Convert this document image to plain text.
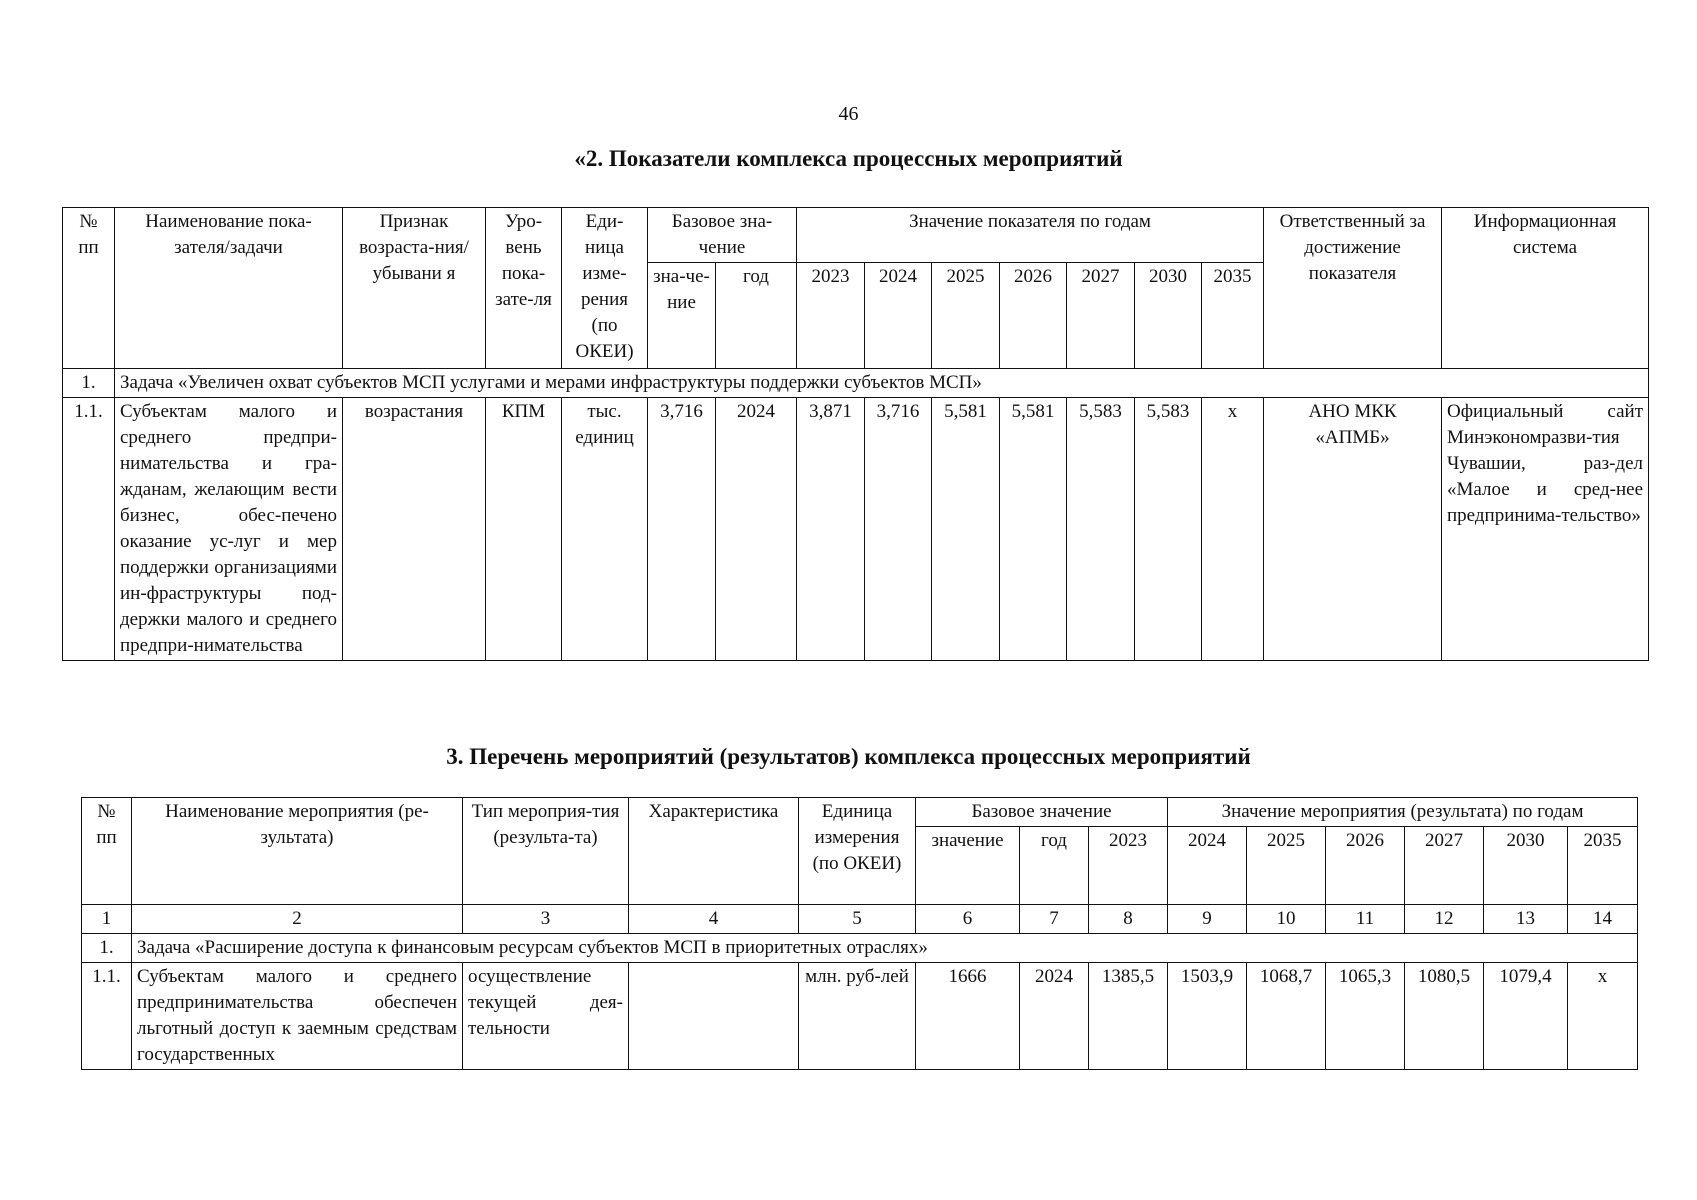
46
«2. Показатели комплекса процессных мероприятий
№ пп	Наименование пока-зателя/задачи	Признак возраста-ния/убывани я	Уро-вень пока-зате-ля	Еди-ница изме-рения (по ОКЕИ)	Базовое зна-чение		Значение показателя по годам							Ответственный за достижение показателя	Информационная система
					зна-че-ние	год	2023	2024	2025	2026	2027	2030	2035		
1.	Задача «Увеличен охват субъектов МСП услугами и мерами инфраструктуры поддержки субъектов МСП»														
1.1.	Субъектам малого и среднего предпри-нимательства и гра-жданам, желающим вести бизнес, обес-печено оказание ус-луг и мер поддержки организациями ин-фраструктуры под-держки малого и среднего предпри-нимательства	возрастания	КПМ	тыс. единиц	3,716	2024	3,871	3,716	5,581	5,581	5,583	5,583	х	АНО МКК «АПМБ»	Официальный сайт Минэкономразви-тия Чувашии, раз-дел «Малое и сред-нее предпринима-тельство»
3. Перечень мероприятий (результатов) комплекса процессных мероприятий
№ пп	Наименование мероприятия (ре-зультата)	Тип мероприя-тия (результа-та)	Характеристика	Единица измерения (по ОКЕИ)	Базовое значение			Значение мероприятия (результата) по годам					
					значение	год	2023	2024	2025	2026	2027	2030	2035
1	2	3	4	5	6	7	8	9	10	11	12	13	14
1.	Задача «Расширение доступа к финансовым ресурсам субъектов МСП в приоритетных отраслях»												
1.1.	Субъектам малого и среднего предпринимательства обеспечен льготный доступ к заемным средствам государственных	осуществление текущей дея-тельности		млн. руб-лей	1666	2024	1385,5	1503,9	1068,7	1065,3	1080,5	1079,4	х
